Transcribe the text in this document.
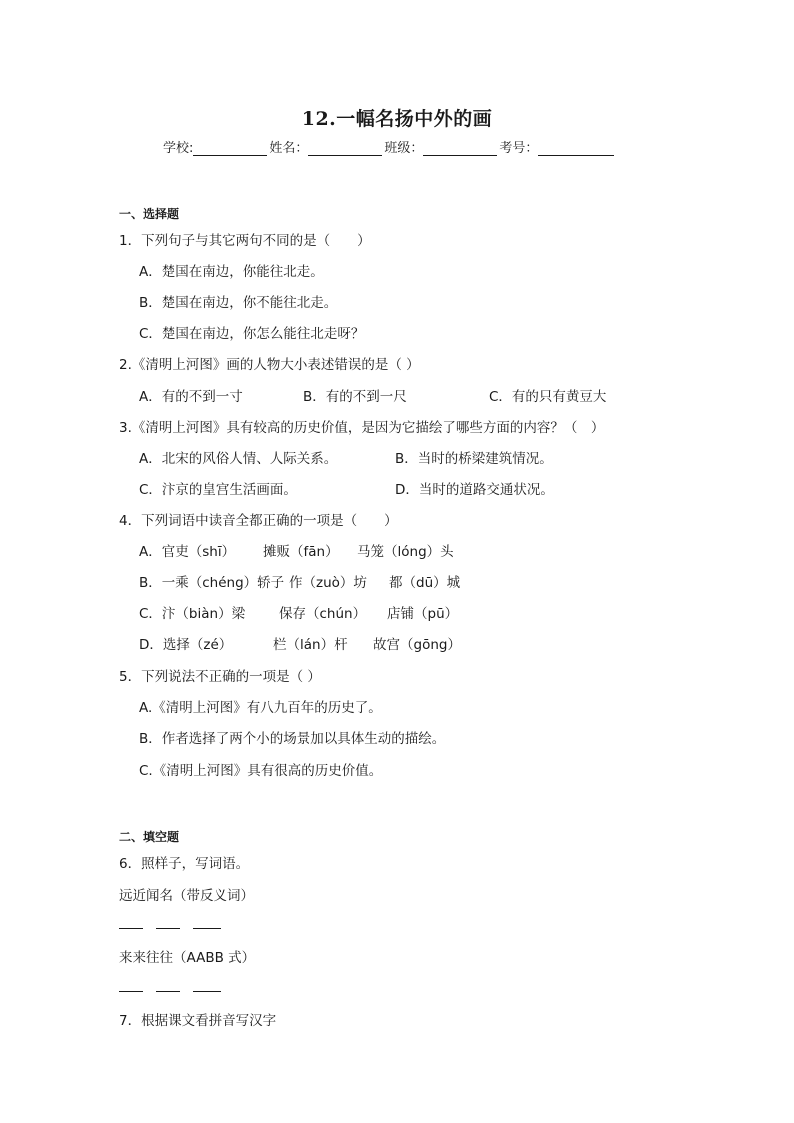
12.一幅名扬中外的画
学校:	姓名：	班级：	考号：
一、选择题
1．下列句子与其它两句不同的是（　　）
A．楚国在南边，你能往北走。
B．楚国在南边，你不能往北走。
C．楚国在南边，你怎么能往北走呀？
2.《清明上河图》画的人物大小表述错误的是（ ）
A．有的不到一寸	B．有的不到一尺	C．有的只有黄豆大
3.《清明上河图》具有较高的历史价值，是因为它描绘了哪些方面的内容？（　）
A．北宋的风俗人情、人际关系。	B．当时的桥梁建筑情况。
C．汴京的皇宫生活画面。	D．当时的道路交通状况。
4．下列词语中读音全都正确的一项是（　　）
A．官吏（shī） 摊贩（fān） 马笼（lóng）头
B．一乘（chéng）轿子 作（zuò）坊 都（dū）城
C．汴（biàn）梁	保存（chún） 店铺（pū）
D．选择（zé）	栏（lán）杆 故宫（gōng）
5．下列说法不正确的一项是（ ）
A.《清明上河图》有八九百年的历史了。
B．作者选择了两个小的场景加以具体生动的描绘。
C.《清明上河图》具有很高的历史价值。
二、填空题
6．照样子，写词语。
远近闻名（带反义词）
来来往往（AABB 式）
7．根据课文看拼音写汉字
